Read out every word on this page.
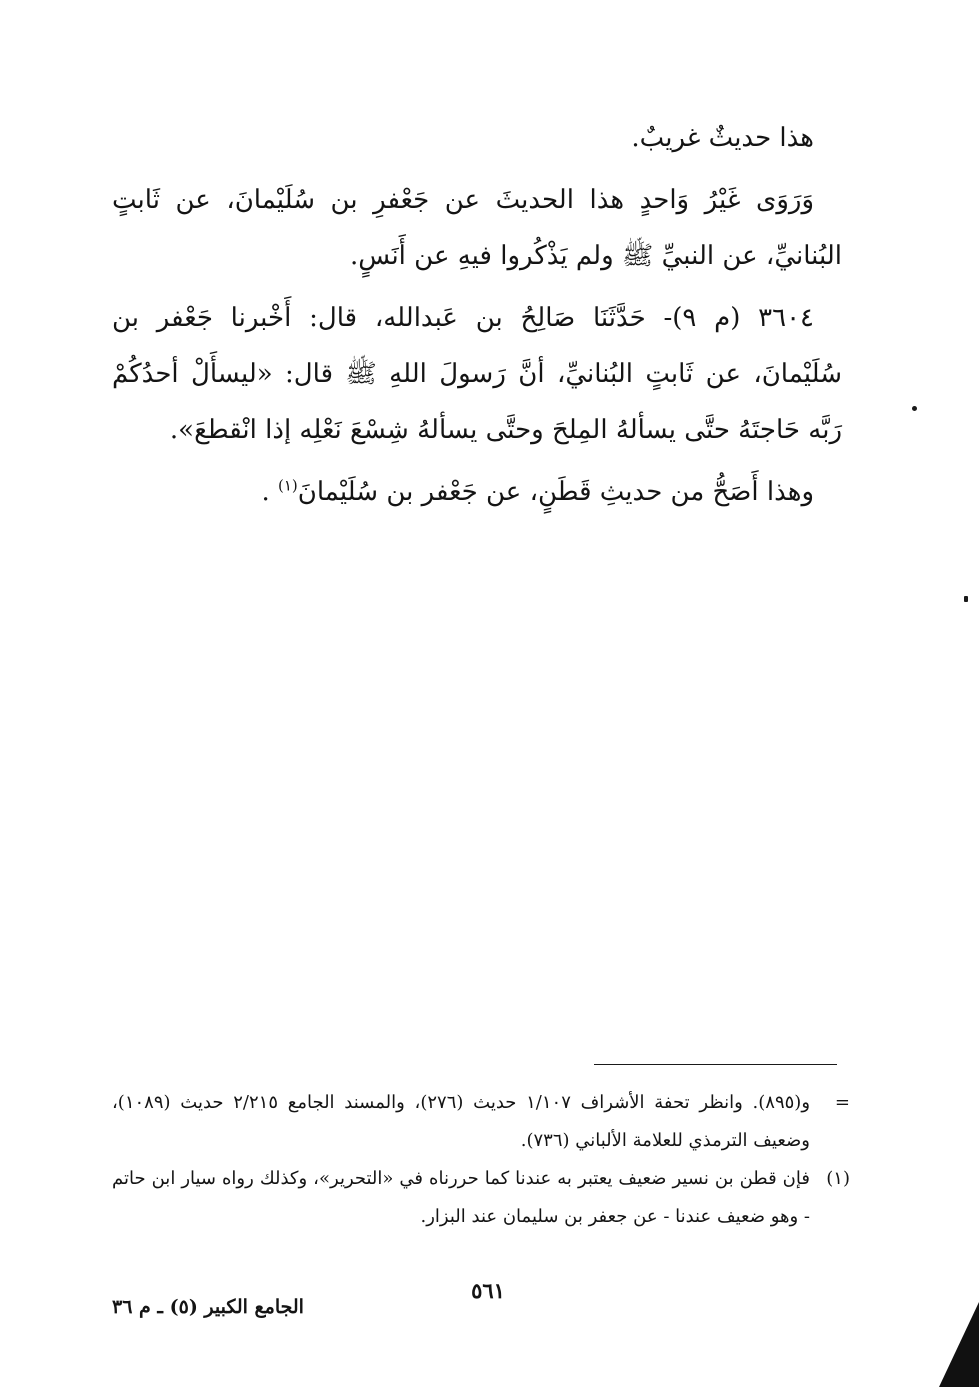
هذا حديثٌ غريبٌ.

وَرَوَى غَيْرُ وَاحدٍ هذا الحديثَ عن جَعْفرِ بن سُلَيْمانَ، عن ثَابتٍ البُنانيِّ، عن النبيِّ ﷺ ولم يَذْكُروا فيهِ عن أَنَسٍ.

٣٦٠٤ (م ٩)- حَدَّثَنَا صَالِحُ بن عَبدالله، قال: أَخْبرنا جَعْفر بن سُلَيْمانَ، عن ثَابتٍ البُنانيِّ، أنَّ رَسولَ اللهِ ﷺ قال: «ليسأَلْ أحدُكُمْ رَبَّه حَاجتَهُ حتَّى يسألهُ المِلحَ وحتَّى يسألهُ شِسْعَ نَعْلِه إذا انْقطعَ».

وهذا أَصَحُّ من حديثِ قَطَنٍ، عن جَعْفر بن سُلَيْمانَ$^{(١)}$ .

=
و(٨٩٥). وانظر تحفة الأشراف ١/١٠٧ حديث (٢٧٦)، والمسند الجامع ٢/٢١٥ حديث (١٠٨٩)، وضعيف الترمذي للعلامة الألباني (٧٣٦).
(١)
فإن قطن بن نسير ضعيف يعتبر به عندنا كما حررناه في «التحرير»، وكذلك رواه سيار ابن حاتم - وهو ضعيف عندنا - عن جعفر بن سليمان عند البزار.
٥٦١
الجامع الكبير (٥) ـ م ٣٦
